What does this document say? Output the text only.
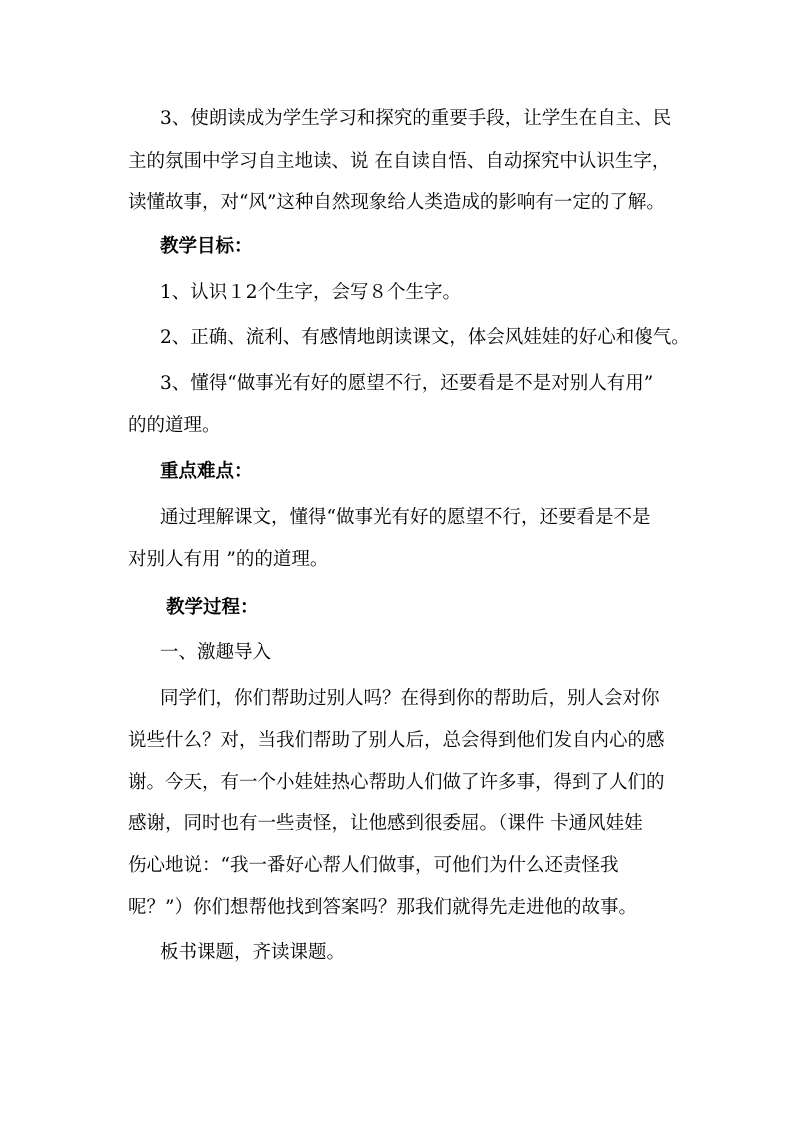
3、使朗读成为学生学习和探究的重要手段，让学生在自主、民
主的氛围中学习自主地读、说 在自读自悟、自动探究中认识生字，
读懂故事，对“风”这种自然现象给人类造成的影响有一定的了解。
教学目标：
1、认识１2个生字，会写８个生字。
2、正确、流利、有感情地朗读课文，体会风娃娃的好心和傻气。
3、懂得“做事光有好的愿望不行，还要看是不是对别人有用”
的的道理。
重点难点：
通过理解课文，懂得“做事光有好的愿望不行，还要看是不是
对别人有用 ”的的道理。
教学过程：
一、激趣导入
同学们，你们帮助过别人吗？在得到你的帮助后，别人会对你
说些什么？对，当我们帮助了别人后，总会得到他们发自内心的感
谢。今天，有一个小娃娃热心帮助人们做了许多事，得到了人们的
感谢，同时也有一些责怪，让他感到很委屈。（课件 卡通风娃娃
伤心地说：“我一番好心帮人们做事，可他们为什么还责怪我
呢？”）你们想帮他找到答案吗？那我们就得先走进他的故事。
板书课题，齐读课题。
